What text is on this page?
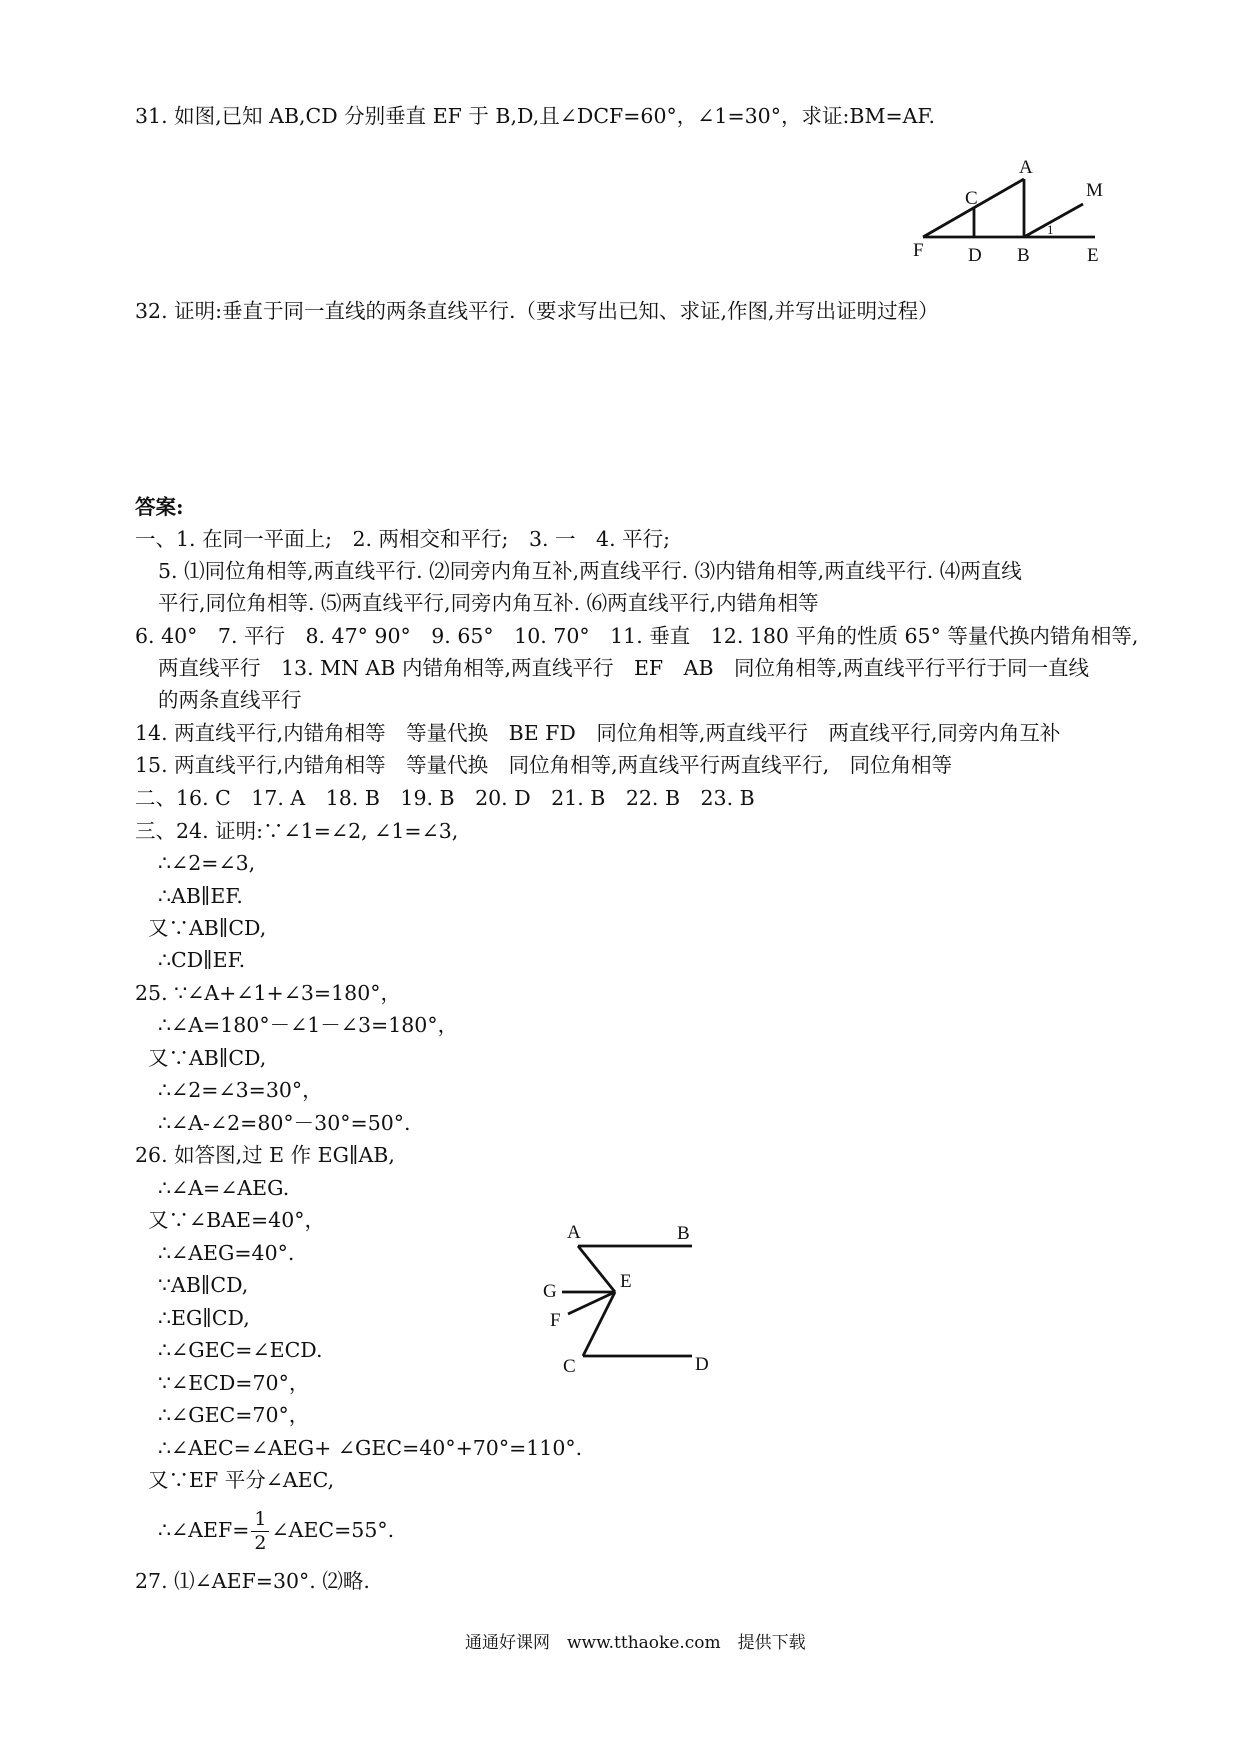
31. 如图,已知 AB,CD 分别垂直 EF 于 B,D,且∠DCF=60°，∠1=30°，求证:BM=AF.
A
C	M
F D B	E
1
32. 证明:垂直于同一直线的两条直线平行.（要求写出已知、求证,作图,并写出证明过程）
答案:
一、1. 在同一平面上;　2. 两相交和平行;　3. 一　4. 平行;
5. ⑴同位角相等,两直线平行. ⑵同旁内角互补,两直线平行. ⑶内错角相等,两直线平行. ⑷两直线
平行,同位角相等. ⑸两直线平行,同旁内角互补. ⑹两直线平行,内错角相等
6. 40°　7. 平行　8. 47° 90°　9. 65°　10. 70°　11. 垂直　12. 180 平角的性质 65° 等量代换内错角相等,
两直线平行　13. MN AB 内错角相等,两直线平行　EF　AB　同位角相等,两直线平行平行于同一直线
的两条直线平行
14. 两直线平行,内错角相等　等量代换　BE FD　同位角相等,两直线平行　两直线平行,同旁内角互补
15. 两直线平行,内错角相等　等量代换　同位角相等,两直线平行两直线平行,　同位角相等
二、16. C　17. A　18. B　19. B　20. D　21. B　22. B　23. B
三、24. 证明:∵∠1=∠2, ∠1=∠3,
∴∠2=∠3,
∴AB∥EF.
又∵AB∥CD,
∴CD∥EF.
25. ∵∠A+∠1+∠3=180°，
∴∠A=180°－∠1－∠3=180°，
又∵AB∥CD,
∴∠2=∠3=30°，
∴∠A-∠2=80°－30°=50°.
26. 如答图,过 E 作 EG∥AB,
∴∠A=∠AEG.
又∵∠BAE=40°，
∴∠AEG=40°.
∵AB∥CD,
∴EG∥CD,
∴∠GEC=∠ECD.
∵∠ECD=70°，
∴∠GEC=70°，
∴∠AEC=∠AEG+ ∠GEC=40°+70°=110°.
又∵EF 平分∠AEC,
∴∠AEF= $\frac{1}{2}$ ∠AEC=55°.
27. ⑴∠AEF=30°. ⑵略.
A	B
G	E
F
C	D
通通好课网　www.tthaoke.com　提供下载
